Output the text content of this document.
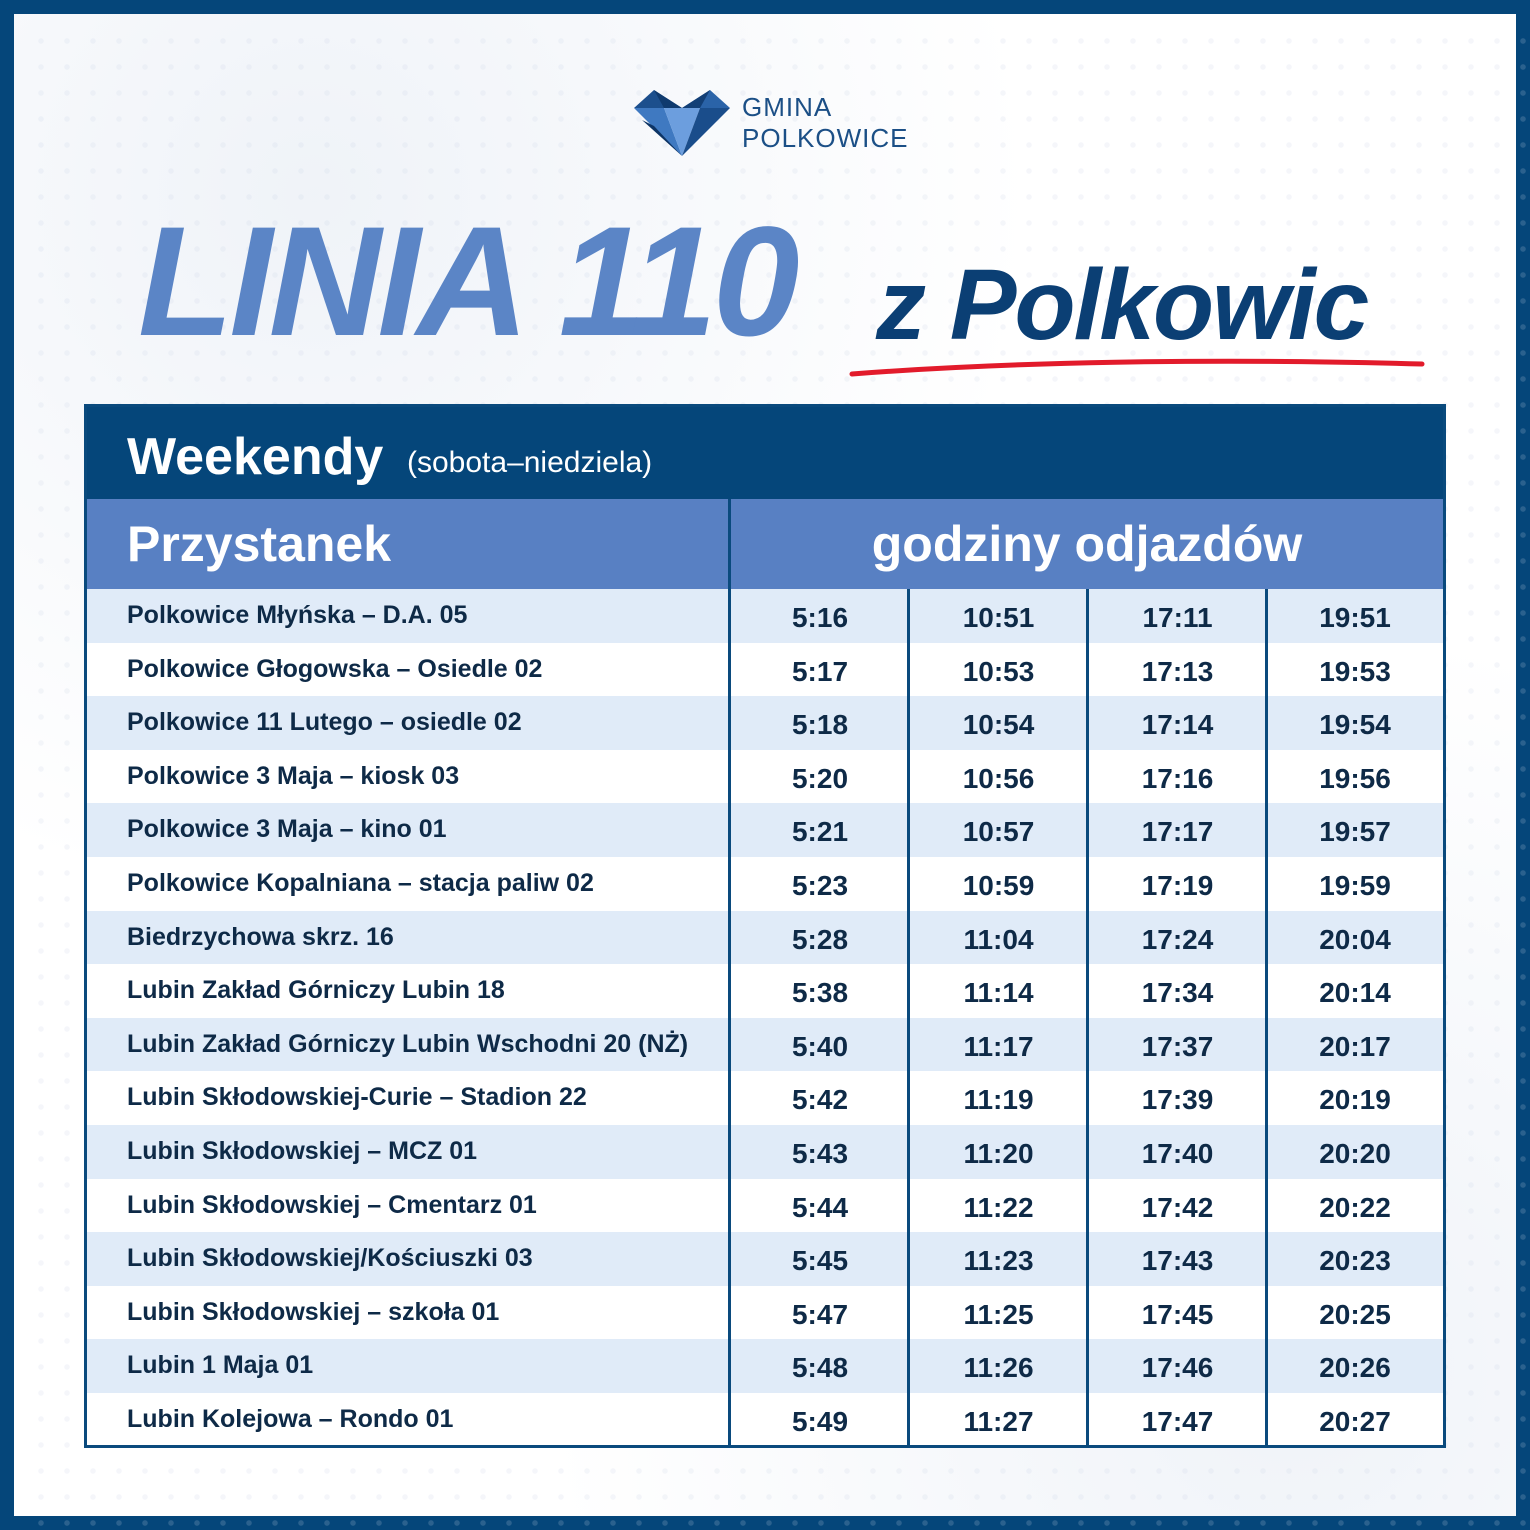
GMINA
POLKOWICE
LINIA 110 z Polkowic
Weekendy (sobota–niedziela)
Przystanek	godziny odjazdów
Polkowice Młyńska – D.A. 05	5:16	10:51	17:11	19:51
Polkowice Głogowska – Osiedle 02	5:17	10:53	17:13	19:53
Polkowice 11 Lutego – osiedle 02	5:18	10:54	17:14	19:54
Polkowice 3 Maja – kiosk 03	5:20	10:56	17:16	19:56
Polkowice 3 Maja – kino 01	5:21	10:57	17:17	19:57
Polkowice Kopalniana – stacja paliw 02	5:23	10:59	17:19	19:59
Biedrzychowa skrz. 16	5:28	11:04	17:24	20:04
Lubin Zakład Górniczy Lubin 18	5:38	11:14	17:34	20:14
Lubin Zakład Górniczy Lubin Wschodni 20 (NŻ)	5:40	11:17	17:37	20:17
Lubin Skłodowskiej-Curie – Stadion 22	5:42	11:19	17:39	20:19
Lubin Skłodowskiej – MCZ 01	5:43	11:20	17:40	20:20
Lubin Skłodowskiej – Cmentarz 01	5:44	11:22	17:42	20:22
Lubin Skłodowskiej/Kościuszki 03	5:45	11:23	17:43	20:23
Lubin Skłodowskiej – szkoła 01	5:47	11:25	17:45	20:25
Lubin 1 Maja 01	5:48	11:26	17:46	20:26
Lubin Kolejowa – Rondo 01	5:49	11:27	17:47	20:27
